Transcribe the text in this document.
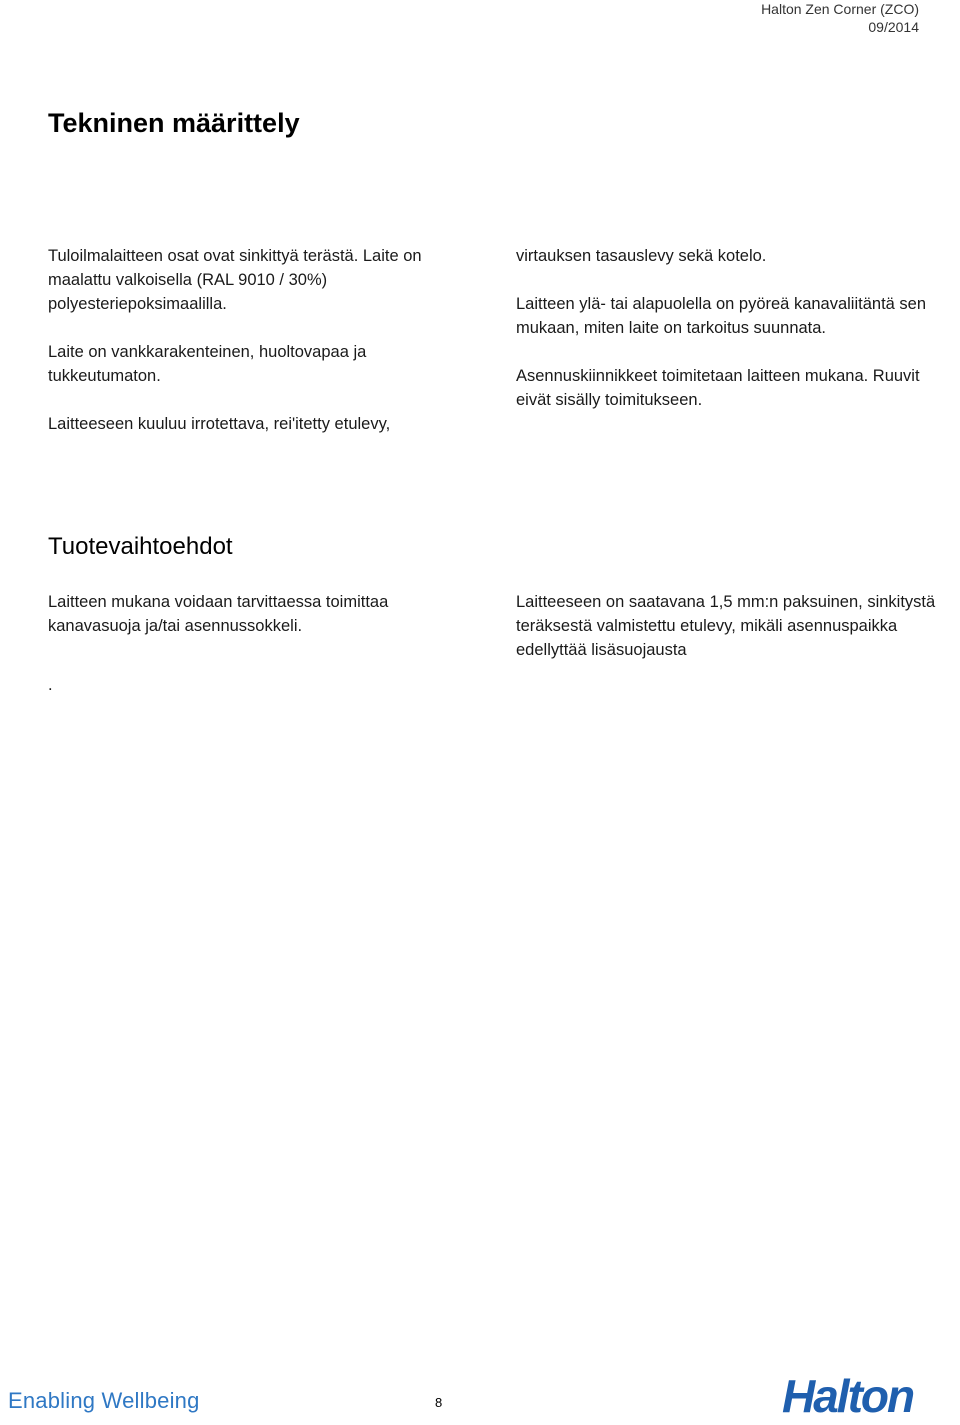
Halton Zen Corner (ZCO)
09/2014
Tekninen määrittely

Tuloilmalaitteen osat ovat sinkittyä terästä. Laite on maalattu valkoisella (RAL 9010 / 30%) polyesteriepoksimaalilla.

Laite on vankkarakenteinen, huoltovapaa ja tukkeutumaton.

Laitteeseen kuuluu irrotettava, rei'itetty etulevy,

virtauksen tasauslevy sekä kotelo.

Laitteen ylä- tai alapuolella on pyöreä kanavaliitäntä sen mukaan, miten laite on tarkoitus suunnata.

Asennuskiinnikkeet toimitetaan laitteen mukana. Ruuvit eivät sisälly toimitukseen.

Tuotevaihtoehdot

Laitteen mukana voidaan tarvittaessa toimittaa kanavasuoja ja/tai asennussokkeli.

Laitteeseen on saatavana 1,5 mm:n paksuinen, sinkitystä teräksestä valmistettu etulevy, mikäli asennuspaikka edellyttää lisäsuojausta

.
Enabling Wellbeing	8	Halton
